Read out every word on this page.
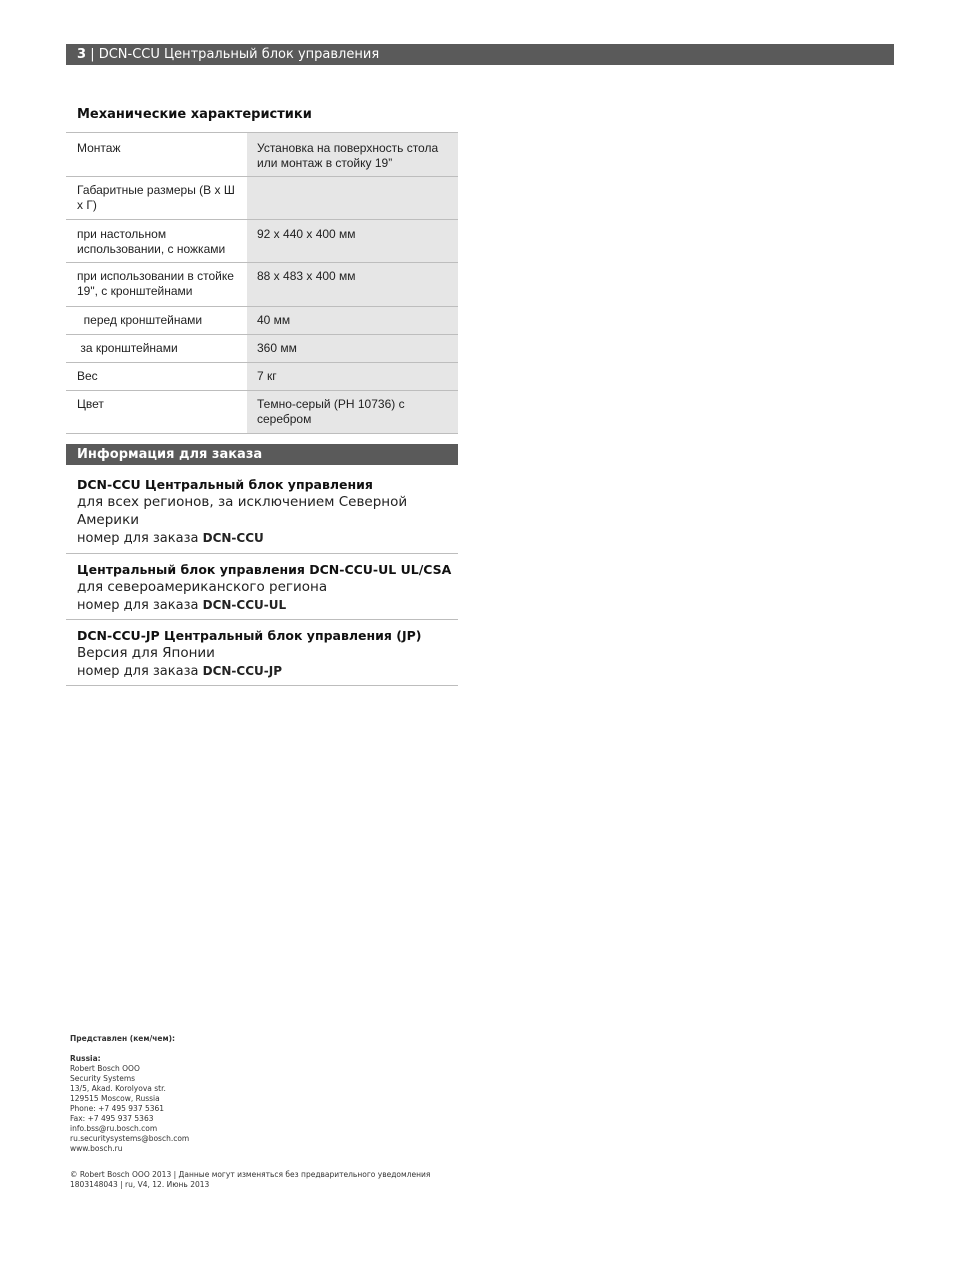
3 | DCN-CCU Центральный блок управления
Механические характеристики
Монтаж	Установка на поверхность стола или монтаж в стойку 19”
Габаритные размеры (В x Ш x Г)	
при настольном использовании, с ножками	92 x 440 x 400 мм
при использовании в стойке 19", с кронштейнами	88 x 483 x 400 мм
перед кронштейнами	40 мм
за кронштейнами	360 мм
Вес	7 кг
Цвет	Темно-серый (PH 10736) с серебром
Информация для заказа
DCN-CCU Центральный блок управления
для всех регионов, за исключением Северной Америки
номер для заказа DCN-CCU
Центральный блок управления DCN-CCU-UL UL/CSA
для североамериканского региона
номер для заказа DCN-CCU-UL
DCN-CCU-JP Центральный блок управления (JP)
Версия для Японии
номер для заказа DCN-CCU-JP
Представлен (кем/чем):
Russia:
Robert Bosch OOO
Security Systems
13/5, Akad. Korolyova str.
129515 Moscow, Russia
Phone: +7 495 937 5361
Fax: +7 495 937 5363
info.bss@ru.bosch.com
ru.securitysystems@bosch.com
www.bosch.ru
© Robert Bosch OOO 2013 | Данные могут изменяться без предварительного уведомления
1803148043 | ru, V4, 12. Июнь 2013
